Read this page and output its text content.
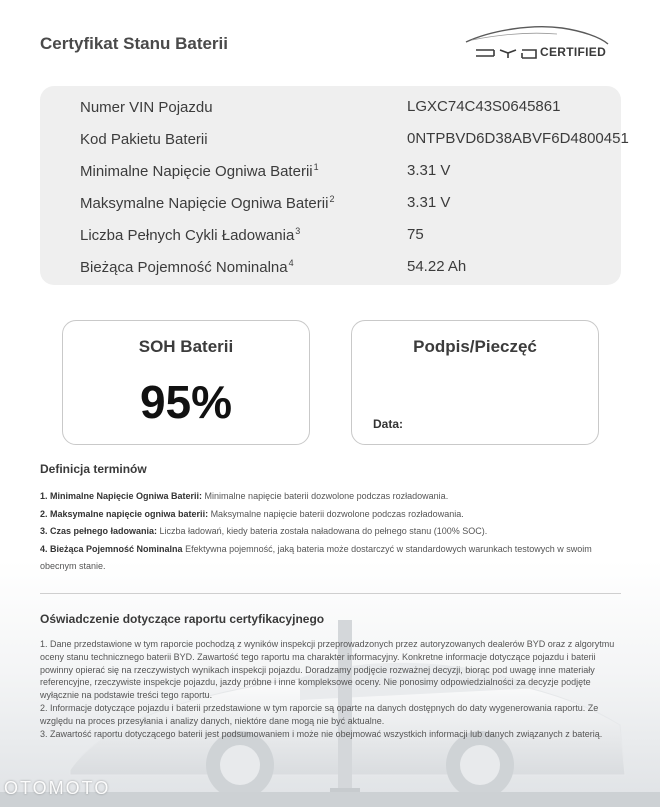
Certyfikat Stanu Baterii	CERTIFIED
Numer VIN Pojazdu	LGXC74C43S0645861
Kod Pakietu Baterii	0NTPBVD6D38ABVF6D4800451
Minimalne Napięcie Ogniwa Baterii$^1$	3.31 V
Maksymalne Napięcie Ogniwa Baterii$^2$	3.31 V
Liczba Pełnych Cykli Ładowania$^3$	75
Bieżąca Pojemność Nominalna$^4$	54.22 Ah
SOH Baterii
95%
Podpis/Pieczęć
Data:
Definicja terminów
1. Minimalne Napięcie Ogniwa Baterii: Minimalne napięcie baterii dozwolone podczas rozładowania.
2. Maksymalne napięcie ogniwa baterii: Maksymalne napięcie baterii dozwolone podczas rozładowania.
3. Czas pełnego ładowania: Liczba ładowań, kiedy bateria została naładowana do pełnego stanu (100% SOC).
4. Bieżąca Pojemność Nominalna Efektywna pojemność, jaką bateria może dostarczyć w standardowych warunkach testowych w swoim obecnym stanie.
Oświadczenie dotyczące raportu certyfikacyjnego

1. Dane przedstawione w tym raporcie pochodzą z wyników inspekcji przeprowadzonych przez autoryzowanych dealerów BYD oraz z algorytmu oceny stanu technicznego baterii BYD. Zawartość tego raportu ma charakter informacyjny. Konkretne informacje dotyczące pojazdu i baterii powinny opierać się na rzeczywistych wynikach inspekcji pojazdu. Doradzamy podjęcie rozważnej decyzji, biorąc pod uwagę inne materiały referencyjne, rzeczywiste inspekcje pojazdu, jazdy próbne i inne kompleksowe oceny. Nie ponosimy odpowiedzialności za decyzje podjęte wyłącznie na podstawie treści tego raportu.

2. Informacje dotyczące pojazdu i baterii przedstawione w tym raporcie są oparte na danych dostępnych do daty wygenerowania raportu. Ze względu na proces przesyłania i analizy danych, niektóre dane mogą nie być aktualne.

3. Zawartość raportu dotyczącego baterii jest podsumowaniem i może nie obejmować wszystkich informacji lub danych związanych z baterią.

OTOMOTO
